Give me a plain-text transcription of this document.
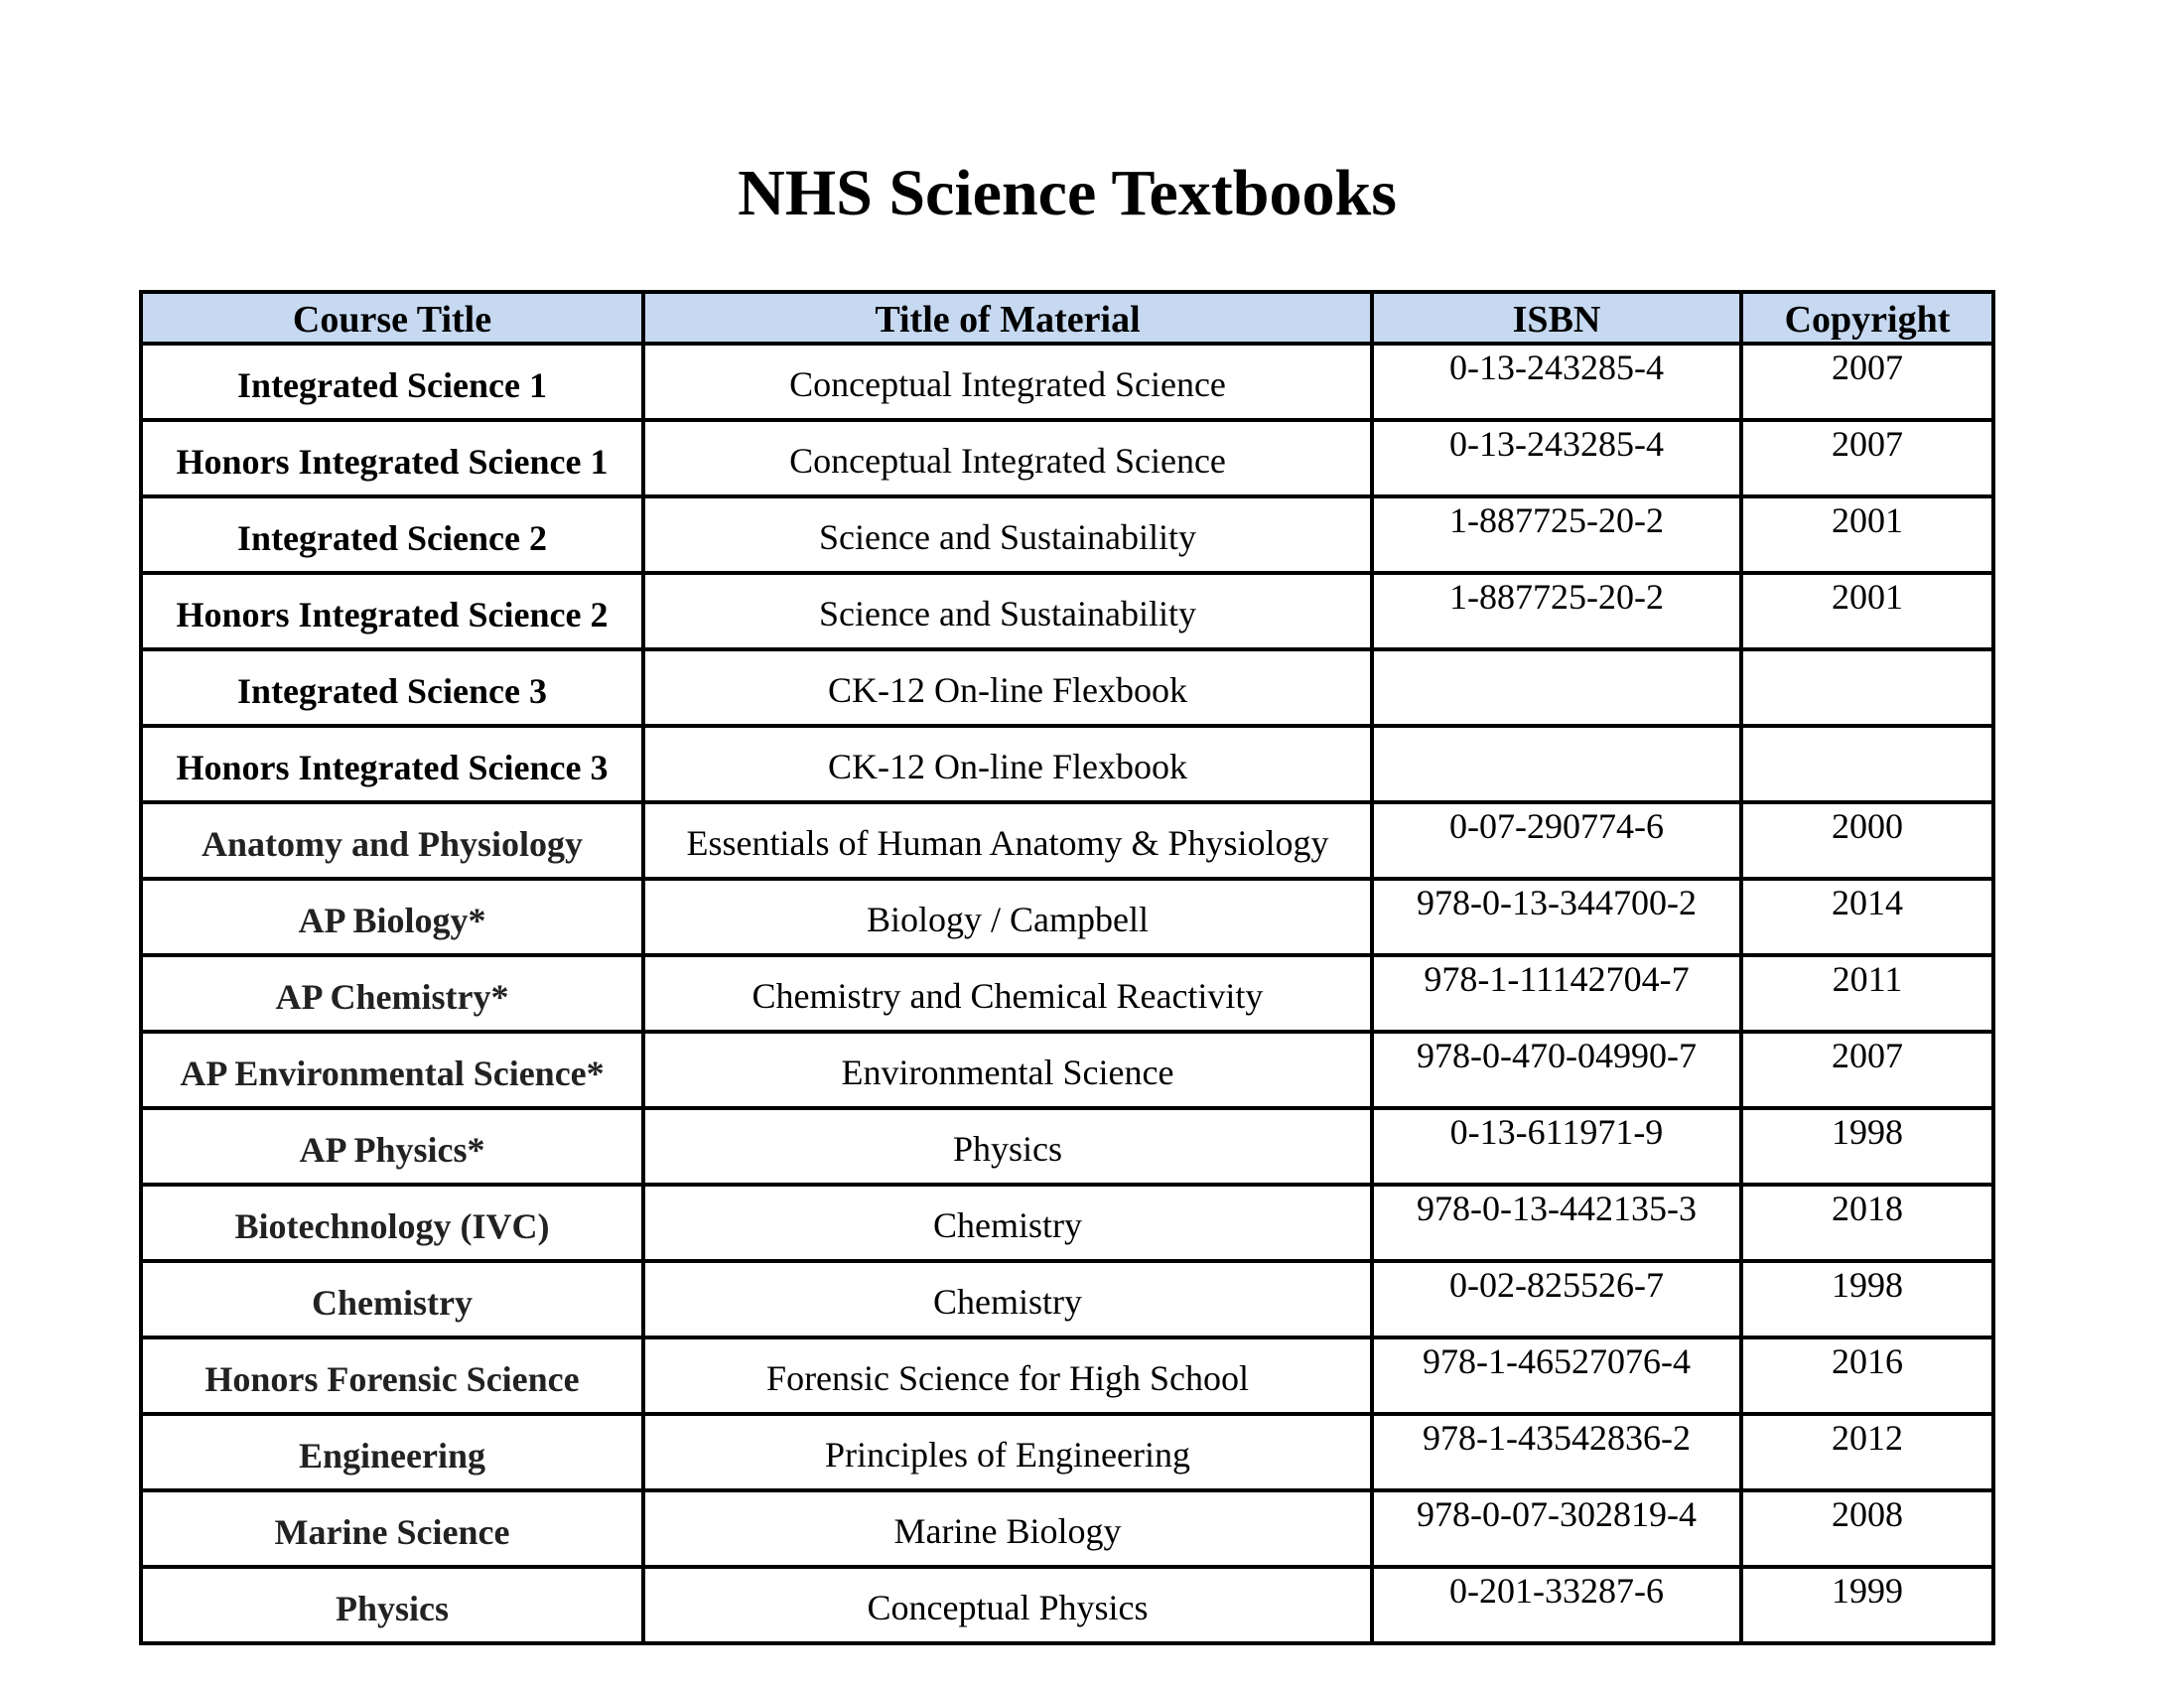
NHS Science Textbooks
Course Title	Title of Material	ISBN	Copyright
Integrated Science 1	Conceptual Integrated Science	0-13-243285-4	2007
Honors Integrated Science 1	Conceptual Integrated Science	0-13-243285-4	2007
Integrated Science 2	Science and Sustainability	1-887725-20-2	2001
Honors Integrated Science 2	Science and Sustainability	1-887725-20-2	2001
Integrated Science 3	CK-12 On-line Flexbook		
Honors Integrated Science 3	CK-12 On-line Flexbook		
Anatomy and Physiology	Essentials of Human Anatomy & Physiology	0-07-290774-6	2000
AP Biology*	Biology / Campbell	978-0-13-344700-2	2014
AP Chemistry*	Chemistry and Chemical Reactivity	978-1-11142704-7	2011
AP Environmental Science*	Environmental Science	978-0-470-04990-7	2007
AP Physics*	Physics	0-13-611971-9	1998
Biotechnology (IVC)	Chemistry	978-0-13-442135-3	2018
Chemistry	Chemistry	0-02-825526-7	1998
Honors Forensic Science	Forensic Science for High School	978-1-46527076-4	2016
Engineering	Principles of Engineering	978-1-43542836-2	2012
Marine Science	Marine Biology	978-0-07-302819-4	2008
Physics	Conceptual Physics	0-201-33287-6	1999
